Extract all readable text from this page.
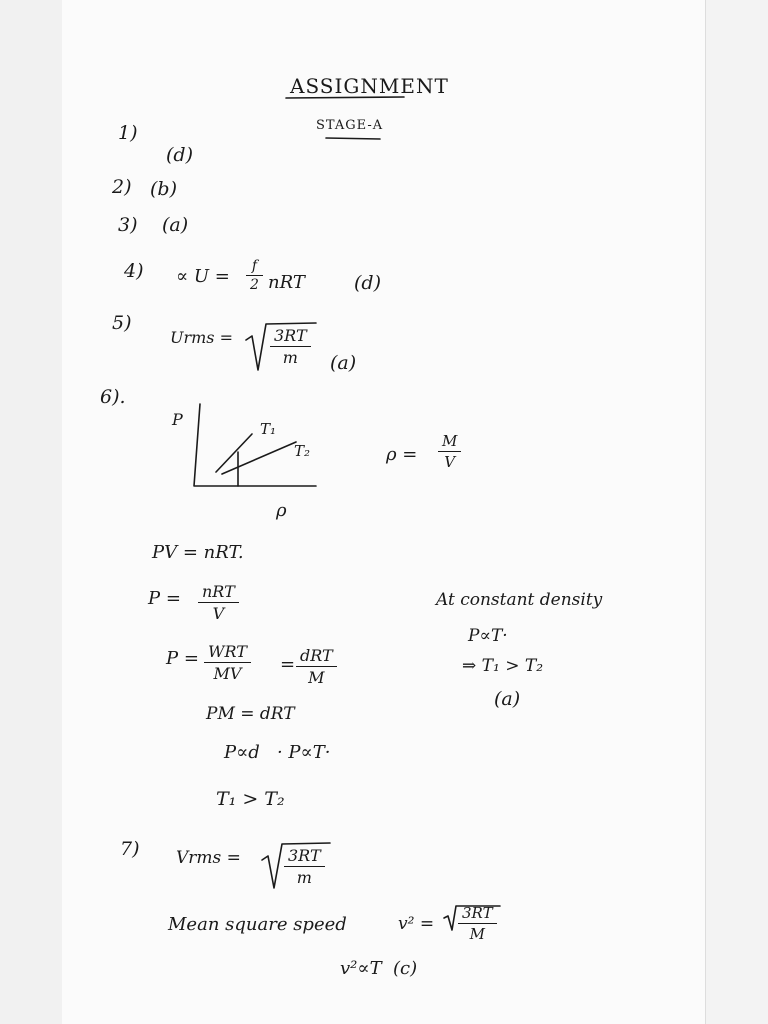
ASSIGNMENT
STAGE-A
1)
(d)
2) (b)
3) (a)
4) ∝ U =	f
2 nRT	(d)
5)
Urms =	3RT
m	(a)
6).
P
ρ
T₁
T₂	ρ =
M
V
PV = nRT.
P = nRT
V
P = WRT
MV	= dRT
M
PM = dRT
P∝d   · P∝T·
T₁ > T₂
At constant density
P∝T·
⇒ T₁ > T₂
(a)
7) Vrms =	3RT
m
Mean square speed	v² =
3RT
M
v²∝T  (c)
